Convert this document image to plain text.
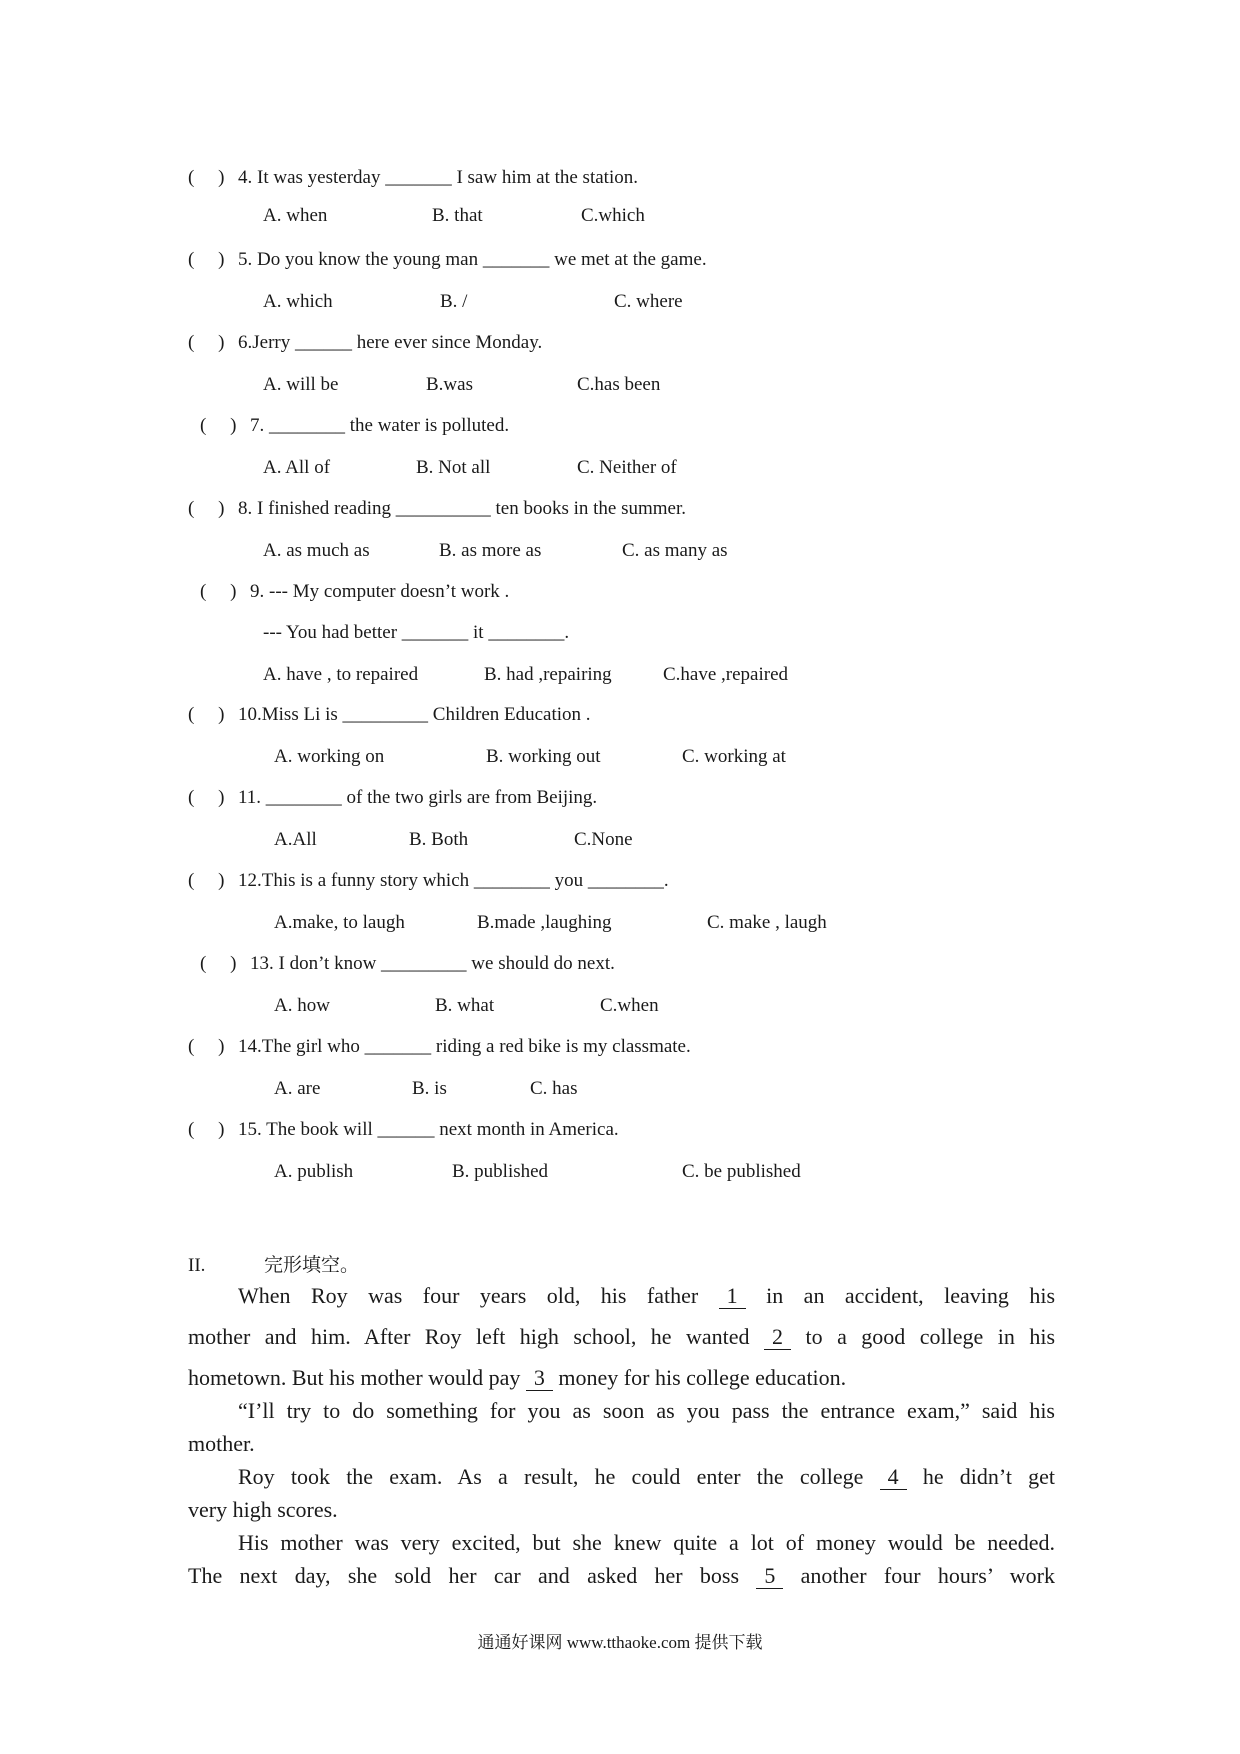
(     ) 4. It was yesterday _______ I saw him at the station.
A. when	B. that	C.which
(     ) 5. Do you know the young man _______ we met at the game.
A. which	B. /	C. where
(     ) 6.Jerry ______ here ever since Monday.
A. will be	B.was	C.has been
(     ) 7. ________ the water is polluted.
A. All of	B. Not all	C. Neither of
(     ) 8. I finished reading __________ ten books in the summer.
A. as much as	B. as more as	C. as many as
(     ) 9. --- My computer doesn’t work .
--- You had better _______ it ________.
A. have , to repaired	B. had ,repairing	C.have ,repaired
(     ) 10.Miss Li is _________ Children Education .
A. working on	B. working out	C. working at
(     ) 11. ________ of the two girls are from Beijing.
A.All	B. Both	C.None
(     ) 12.This is a funny story which ________ you ________.
A.make, to laugh	B.made ,laughing	C. make , laugh
(     ) 13. I don’t know _________ we should do next.
A. how	B. what	C.when
(     ) 14.The girl who _______ riding a red bike is my classmate.
A. are	B. is	C. has
(     ) 15. The book will ______ next month in America.
A. publish	B. published	C. be published
II.	完形填空。
When Roy was four years old, his father 1 in an accident, leaving his
mother and him. After Roy left high school, he wanted 2 to a good college in his
hometown. But his mother would pay 3 money for his college education.
“I’ll try to do something for you as soon as you pass the entrance exam,” said his
mother.
Roy took the exam. As a result, he could enter the college 4 he didn’t get
very high scores.
His mother was very excited, but she knew quite a lot of money would be needed.
The next day, she sold her car and asked her boss 5 another four hours’ work
通通好课网 www.tthaoke.com 提供下载
